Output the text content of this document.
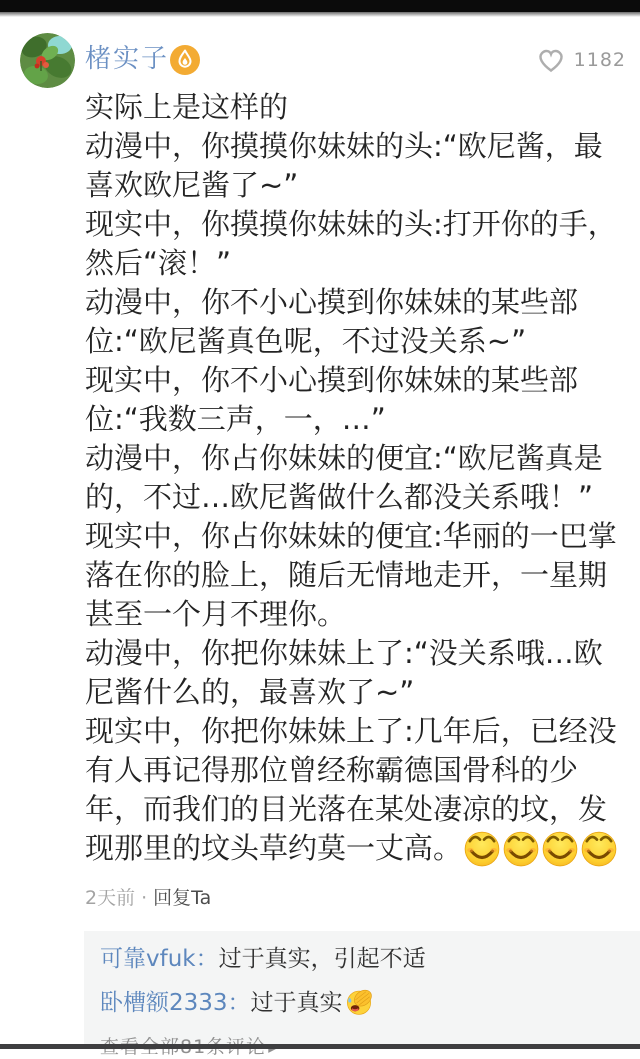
楮实子	1182
实际上是这样的
动漫中，你摸摸你妹妹的头:“欧尼酱，最喜欢欧尼酱了~”
现实中，你摸摸你妹妹的头:打开你的手，然后“滚！”
动漫中，你不小心摸到你妹妹的某些部位:“欧尼酱真色呢，不过没关系~”
现实中，你不小心摸到你妹妹的某些部位:“我数三声，一，…”
动漫中，你占你妹妹的便宜:“欧尼酱真是的，不过…欧尼酱做什么都没关系哦！”
现实中，你占你妹妹的便宜:华丽的一巴掌落在你的脸上，随后无情地走开，一星期甚至一个月不理你。
动漫中，你把你妹妹上了:“没关系哦…欧尼酱什么的，最喜欢了~”
现实中，你把你妹妹上了:几年后，已经没有人再记得那位曾经称霸德国骨科的少年，而我们的目光落在某处凄凉的坟，发现那里的坟头草约莫一丈高。
2天前 · 回复Ta
可靠vfuk：过于真实，引起不适
卧槽额2333：过于真实
